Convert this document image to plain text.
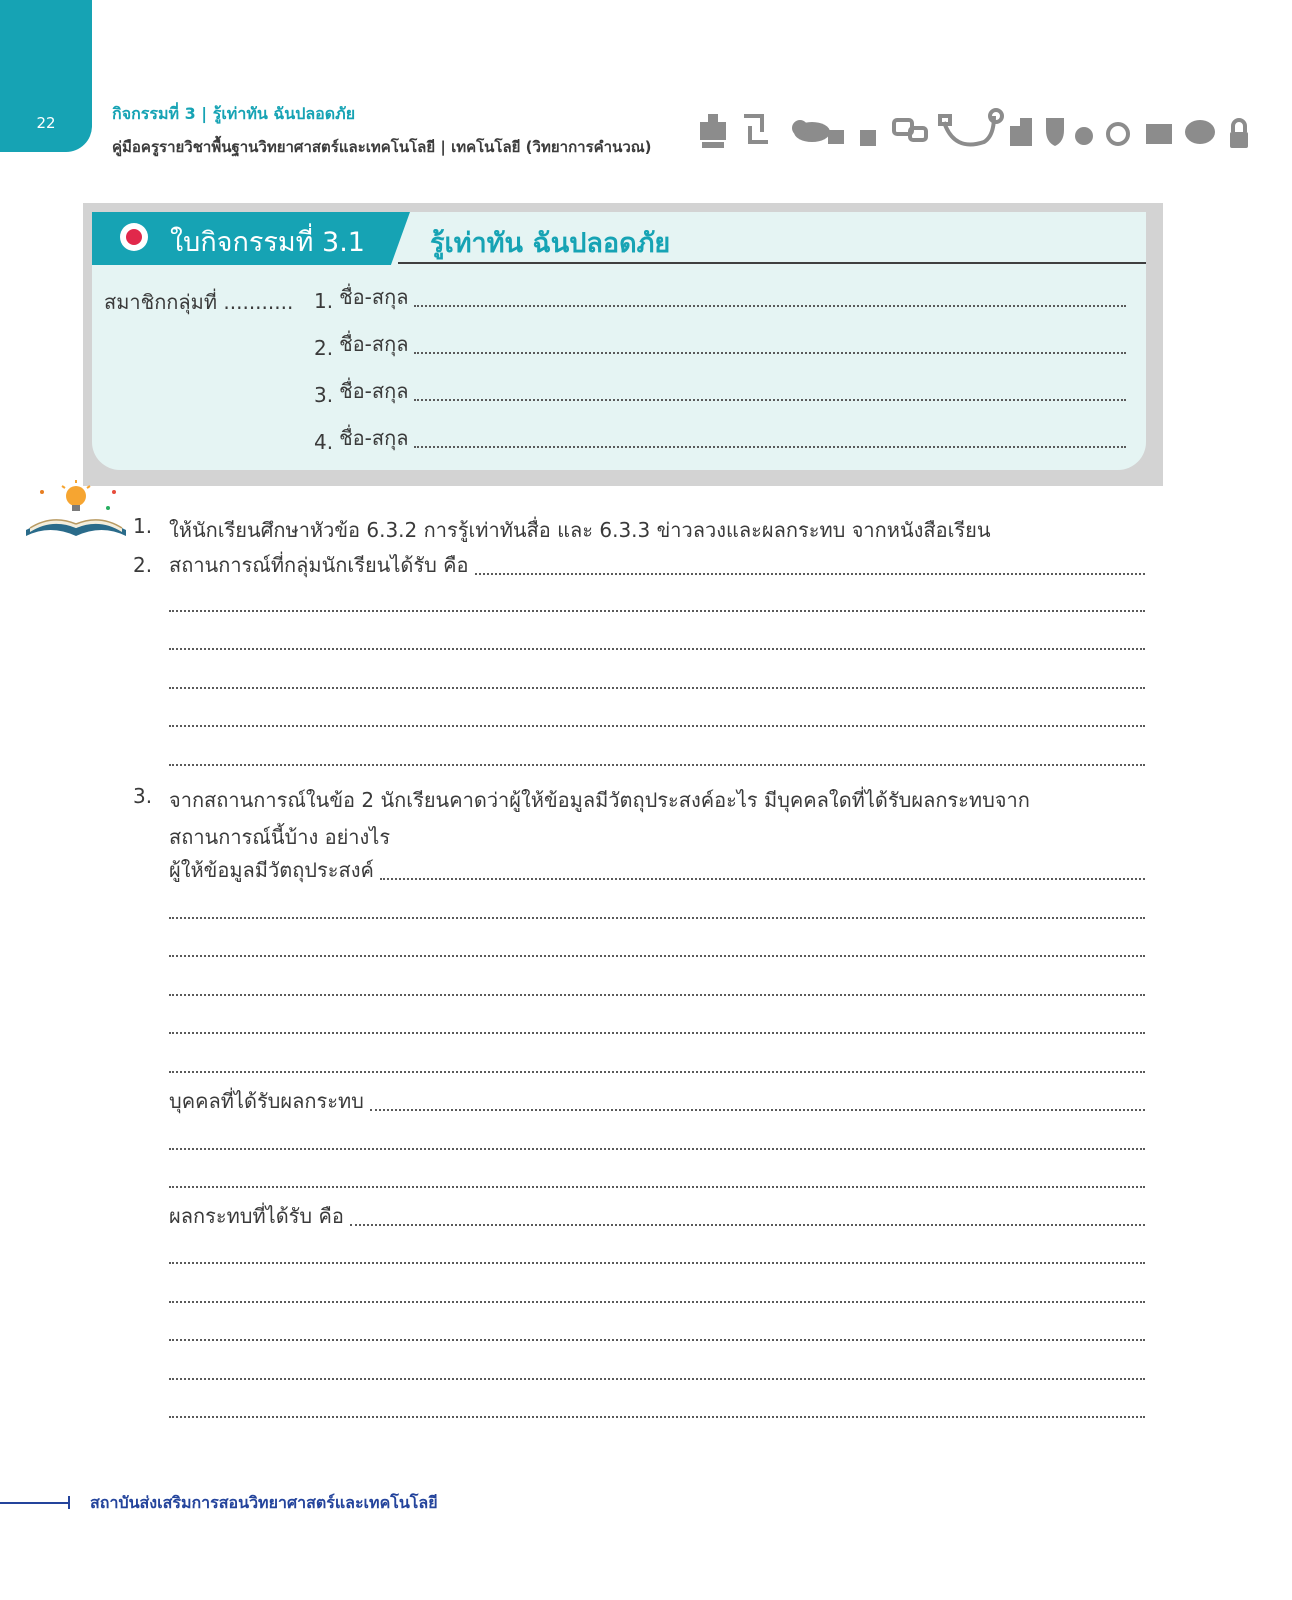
22	กิจกรรมที่ 3 | รู้เท่าทัน ฉันปลอดภัย
คู่มือครูรายวิชาพื้นฐานวิทยาศาสตร์และเทคโนโลยี | เทคโนโลยี (วิทยาการคำนวณ)
ใบกิจกรรมที่ 3.1 รู้เท่าทัน ฉันปลอดภัย
สมาชิกกลุ่มที่ ........... 1. ชื่อ-สกุล
2. ชื่อ-สกุล
3. ชื่อ-สกุล
4. ชื่อ-สกุล
1. ให้นักเรียนศึกษาหัวข้อ 6.3.2 การรู้เท่าทันสื่อ และ 6.3.3 ข่าวลวงและผลกระทบ จากหนังสือเรียน
2. สถานการณ์ที่กลุ่มนักเรียนได้รับ คือ
3. จากสถานการณ์ในข้อ 2 นักเรียนคาดว่าผู้ให้ข้อมูลมีวัตถุประสงค์อะไร มีบุคคลใดที่ได้รับผลกระทบจาก
สถานการณ์นี้บ้าง อย่างไร
ผู้ให้ข้อมูลมีวัตถุประสงค์
บุคคลที่ได้รับผลกระทบ
ผลกระทบที่ได้รับ คือ
สถาบันส่งเสริมการสอนวิทยาศาสตร์และเทคโนโลยี
